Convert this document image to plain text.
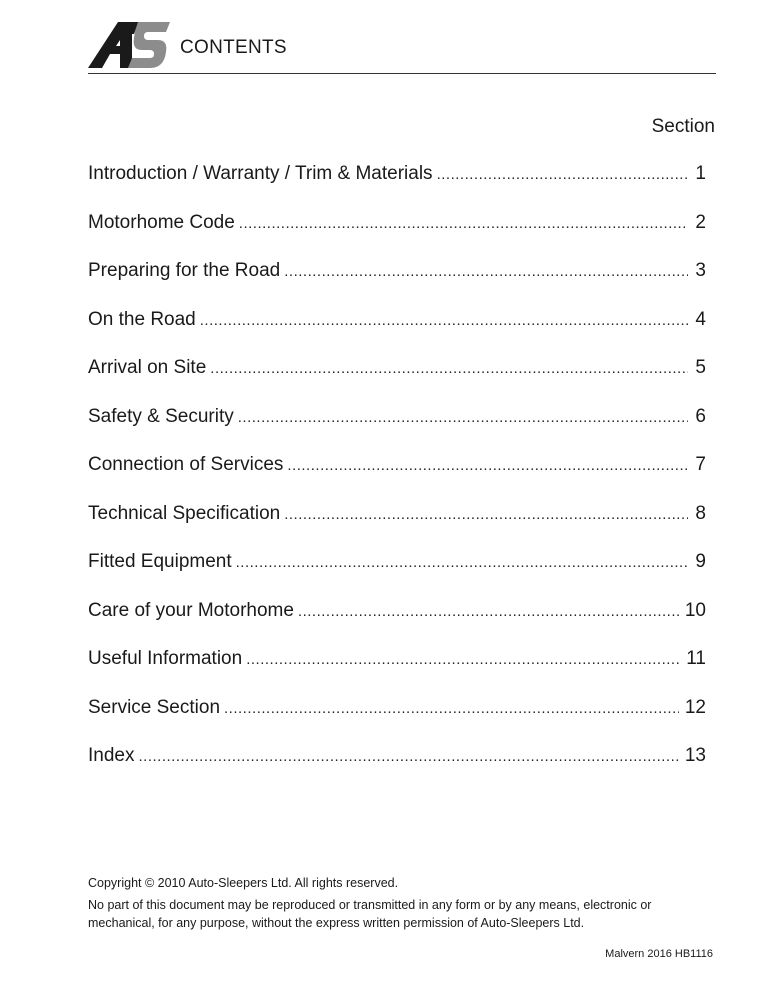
CONTENTS
Section
Introduction / Warranty / Trim & Materials .....	1
Motorhome Code .....	2
Preparing for the Road .....	3
On the Road .....	4
Arrival on Site .....	5
Safety & Security .....	6
Connection of Services .....	7
Technical Specification .....	8
Fitted Equipment .....	9
Care of your Motorhome .....	10
Useful Information .....	11
Service Section .....	12
Index .....	13
Copyright © 2010 Auto-Sleepers Ltd. All rights reserved.
No part of this document may be reproduced or transmitted in any form or by any means, electronic or mechanical, for any purpose, without the express written permission of Auto-Sleepers Ltd.
Malvern 2016 HB1116
